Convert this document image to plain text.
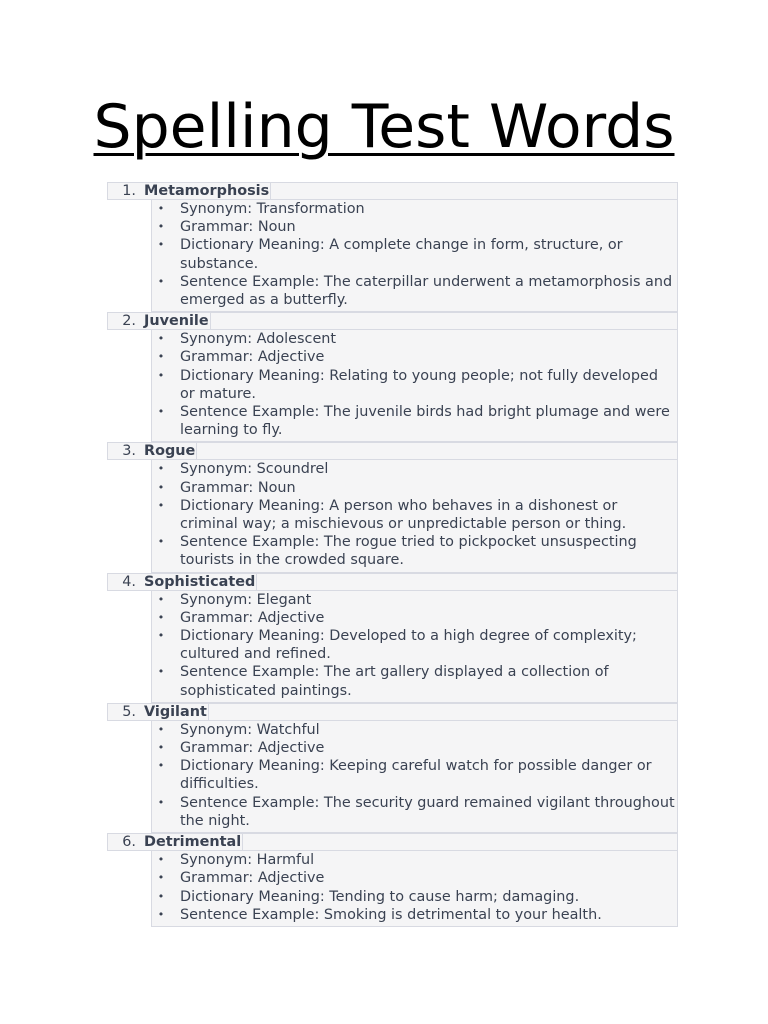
Spelling Test Words
1. Metamorphosis
• Synonym: Transformation
• Grammar: Noun
• Dictionary Meaning: A complete change in form, structure, or substance.
• Sentence Example: The caterpillar underwent a metamorphosis and emerged as a butterfly.
2. Juvenile
• Synonym: Adolescent
• Grammar: Adjective
• Dictionary Meaning: Relating to young people; not fully developed or mature.
• Sentence Example: The juvenile birds had bright plumage and were learning to fly.
3. Rogue
• Synonym: Scoundrel
• Grammar: Noun
• Dictionary Meaning: A person who behaves in a dishonest or criminal way; a mischievous or unpredictable person or thing.
• Sentence Example: The rogue tried to pickpocket unsuspecting tourists in the crowded square.
4. Sophisticated
• Synonym: Elegant
• Grammar: Adjective
• Dictionary Meaning: Developed to a high degree of complexity; cultured and refined.
• Sentence Example: The art gallery displayed a collection of sophisticated paintings.
5. Vigilant
• Synonym: Watchful
• Grammar: Adjective
• Dictionary Meaning: Keeping careful watch for possible danger or difficulties.
• Sentence Example: The security guard remained vigilant throughout the night.
6. Detrimental
• Synonym: Harmful
• Grammar: Adjective
• Dictionary Meaning: Tending to cause harm; damaging.
• Sentence Example: Smoking is detrimental to your health.
